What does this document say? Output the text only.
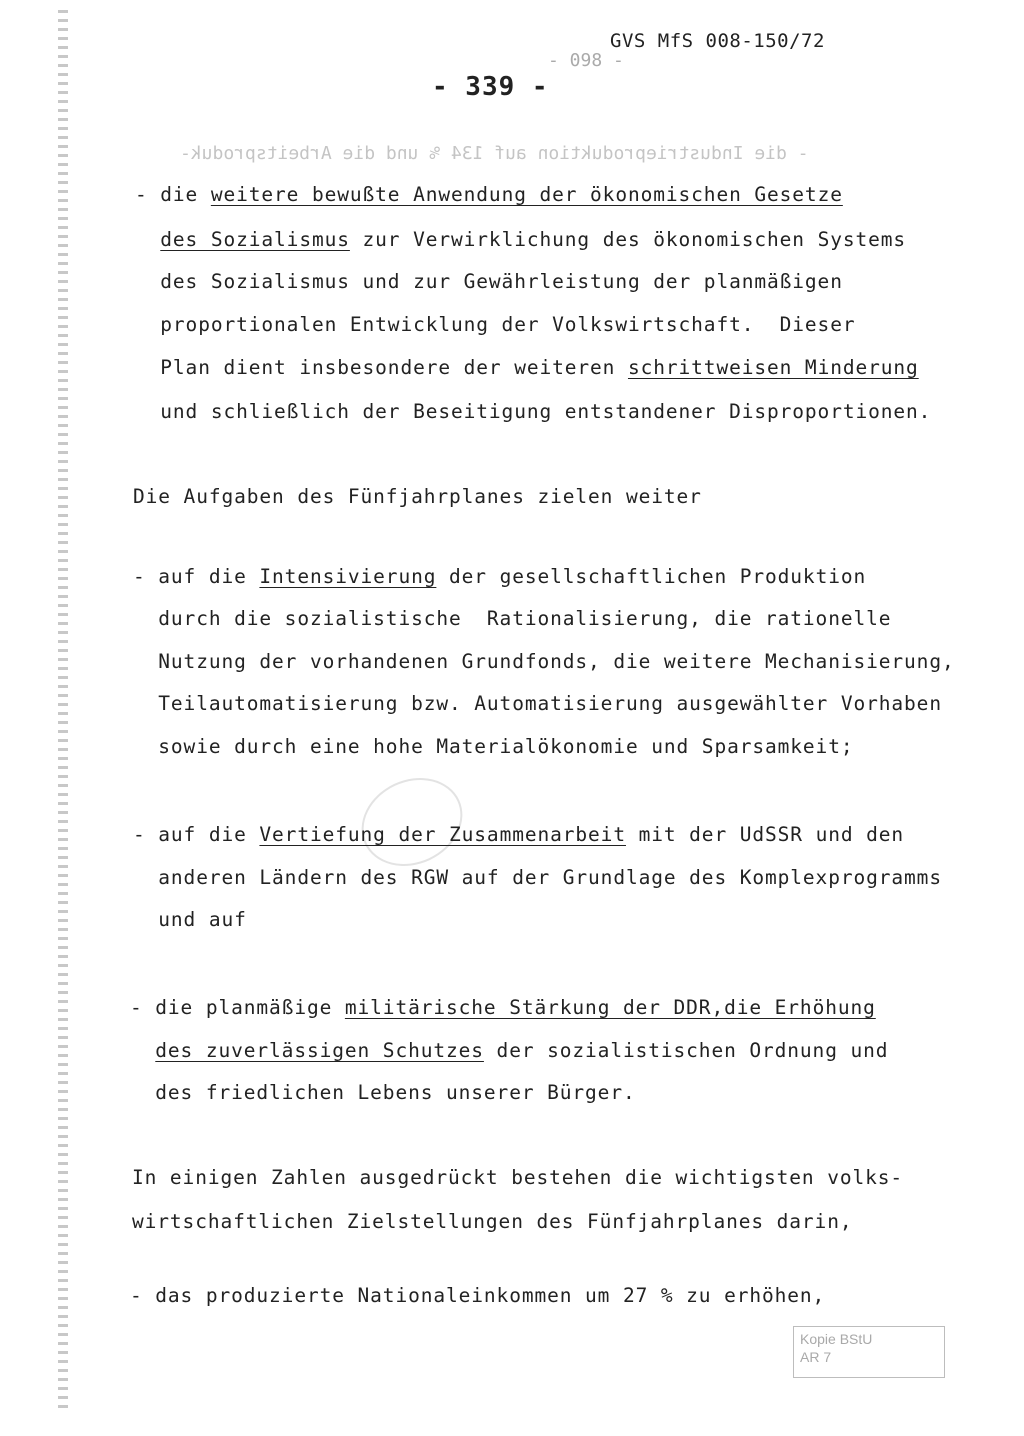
GVS MfS 008-150/72
- 098 -
- 339 -
- die Industrieproduktion auf 134 % und die Arbeitsproduk-
- die weitere bewußte Anwendung der ökonomischen Gesetze
des Sozialismus zur Verwirklichung des ökonomischen Systems
des Sozialismus und zur Gewährleistung der planmäßigen
proportionalen Entwicklung der Volkswirtschaft.  Dieser
Plan dient insbesondere der weiteren schrittweisen Minderung
und schließlich der Beseitigung entstandener Disproportionen.
Die Aufgaben des Fünfjahrplanes zielen weiter
- auf die Intensivierung der gesellschaftlichen Produktion
durch die sozialistische  Rationalisierung, die rationelle
Nutzung der vorhandenen Grundfonds, die weitere Mechanisierung,
Teilautomatisierung bzw. Automatisierung ausgewählter Vorhaben
sowie durch eine hohe Materialökonomie und Sparsamkeit;
- auf die Vertiefung der Zusammenarbeit mit der UdSSR und den
anderen Ländern des RGW auf der Grundlage des Komplexprogramms
und auf
- die planmäßige militärische Stärkung der DDR,die Erhöhung
des zuverlässigen Schutzes der sozialistischen Ordnung und
des friedlichen Lebens unserer Bürger.
In einigen Zahlen ausgedrückt bestehen die wichtigsten volks-
wirtschaftlichen Zielstellungen des Fünfjahrplanes darin,
- das produzierte Nationaleinkommen um 27 % zu erhöhen,
Kopie BStU
AR 7
